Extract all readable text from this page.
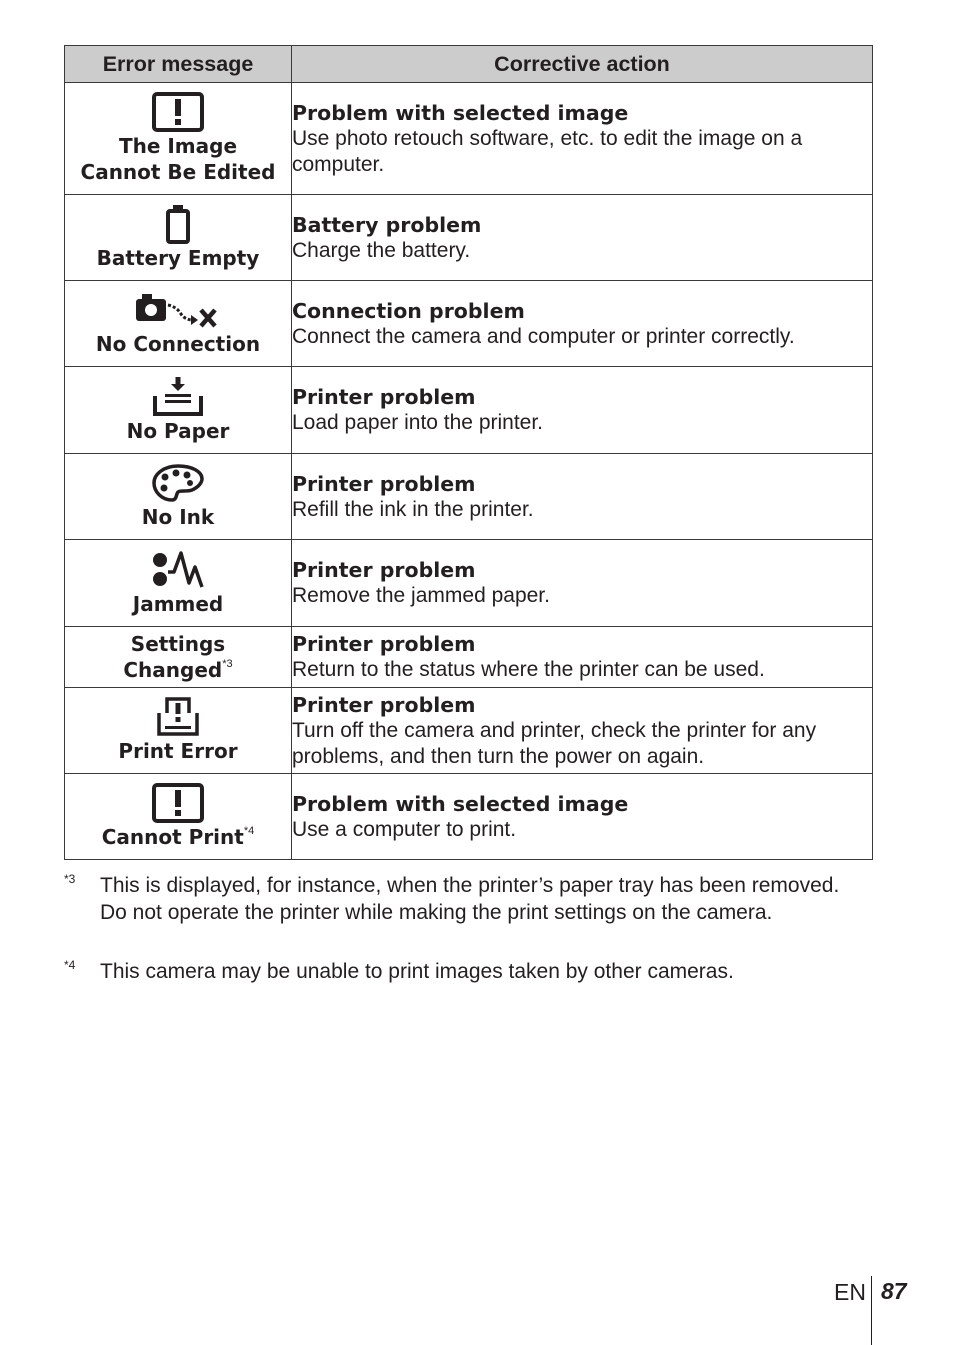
Error message	Corrective action

The Image
Cannot Be Edited	Problem with selected image
Use photo retouch software, etc. to edit the image on a computer.

Battery Empty	Battery problem
Charge the battery.

No Connection	Connection problem
Connect the camera and computer or printer correctly.

No Paper	Printer problem
Load paper into the printer.

No Ink	Printer problem
Refill the ink in the printer.

Jammed	Printer problem
Remove the jammed paper.

Settings
Changed$^{*3}$	Printer problem
Return to the status where the printer can be used.

Print Error	Printer problem
Turn off the camera and printer, check the printer for any problems, and then turn the power on again.

Cannot Print$^{*4}$	Problem with selected image
Use a computer to print.
*3 This is displayed, for instance, when the printer’s paper tray has been removed. Do not operate the printer while making the print settings on the camera.
*4 This camera may be unable to print images taken by other cameras.
EN 87
